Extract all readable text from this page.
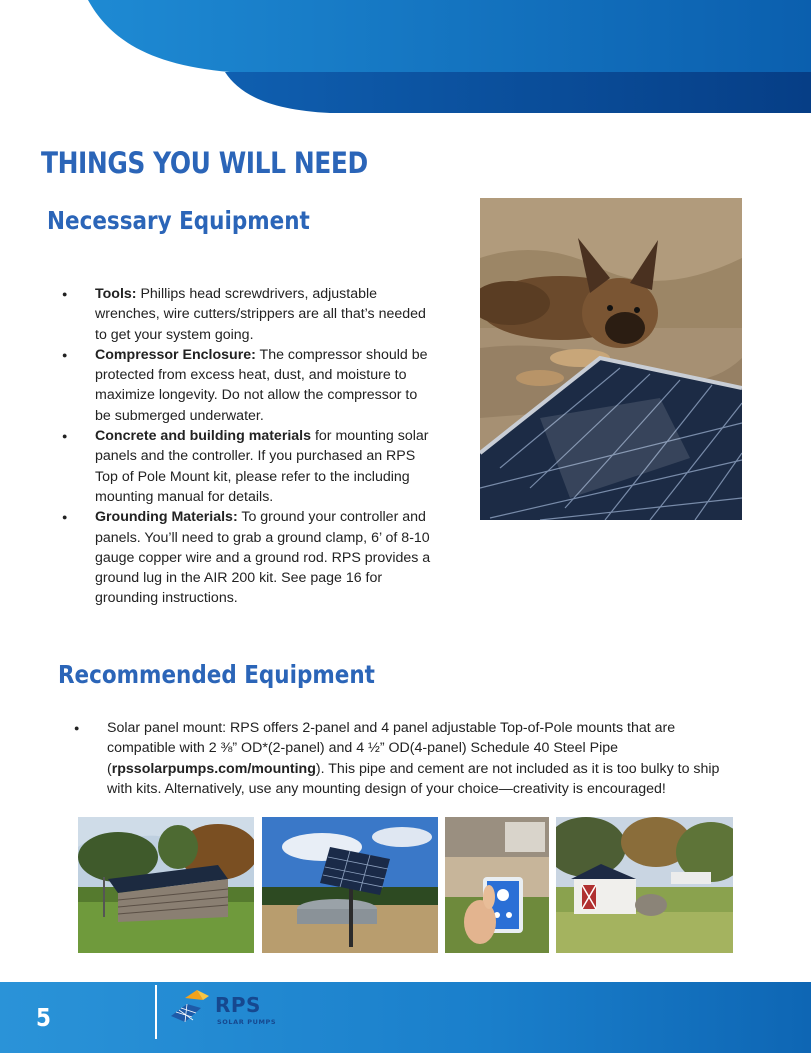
THINGS YOU WILL NEED
Necessary Equipment
● Tools: Phillips head screwdrivers, adjustable wrenches, wire cutters/strippers are all that’s needed to get your system going.
● Compressor Enclosure: The compressor should be protected from excess heat, dust, and moisture to maximize longevity. Do not allow the compressor to be submerged underwater.
● Concrete and building materials for mounting solar panels and the controller. If you purchased an RPS Top of Pole Mount kit, please refer to the including mounting manual for details.
● Grounding Materials: To ground your controller and panels. You’ll need to grab a ground clamp, 6’ of 8-10 gauge copper wire and a ground rod. RPS provides a ground lug in the AIR 200 kit. See page 16 for grounding instructions.
Recommended Equipment
● Solar panel mount: RPS offers 2-panel and 4 panel adjustable Top-of-Pole mounts that are compatible with 2 ⅜” OD*(2-panel) and 4 ½” OD(4-panel) Schedule 40 Steel Pipe (rpssolarpumps.com/mounting). This pipe and cement are not included as it is too bulky to ship with kits. Alternatively, use any mounting design of your choice—creativity is encouraged!
5	RPS
SOLAR PUMPS
